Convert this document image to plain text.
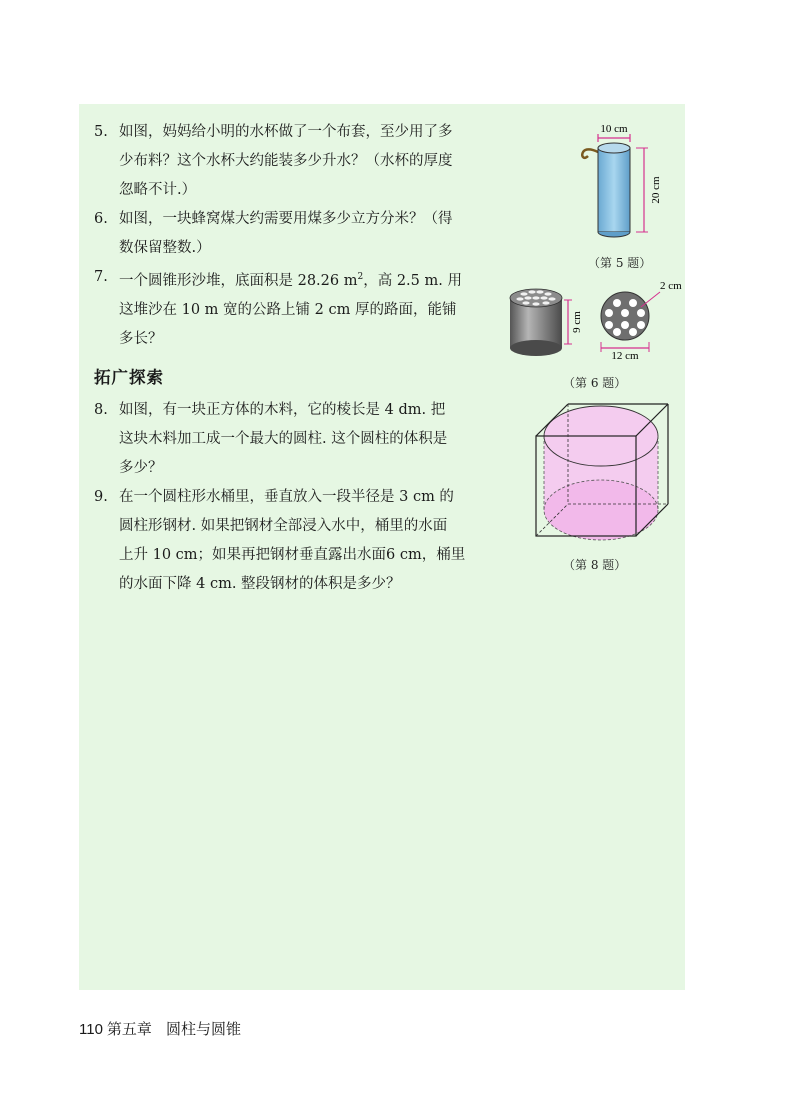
5. 如图，妈妈给小明的水杯做了一个布套，至少用了多
少布料？这个水杯大约能装多少升水？（水杯的厚度
忽略不计.）
6. 如图，一块蜂窝煤大约需要用煤多少立方分米？（得
数保留整数.）
7. 一个圆锥形沙堆，底面积是 28.26 $m^2$，高 2.5 m. 用
这堆沙在 10 m 宽的公路上铺 2 cm 厚的路面，能铺
多长？
拓广探索
8. 如图，有一块正方体的木料，它的棱长是 4 dm. 把
这块木料加工成一个最大的圆柱. 这个圆柱的体积是
多少？
9. 在一个圆柱形水桶里，垂直放入一段半径是 3 cm 的
圆柱形钢材. 如果把钢材全部浸入水中，桶里的水面
上升 10 cm；如果再把钢材垂直露出水面6 cm，桶里
的水面下降 4 cm. 整段钢材的体积是多少？
10 cm
20 cm
（第 5 题）
9 cm
2 cm
12 cm
（第 6 题）
（第 8 题）
110 第五章 圆柱与圆锥
